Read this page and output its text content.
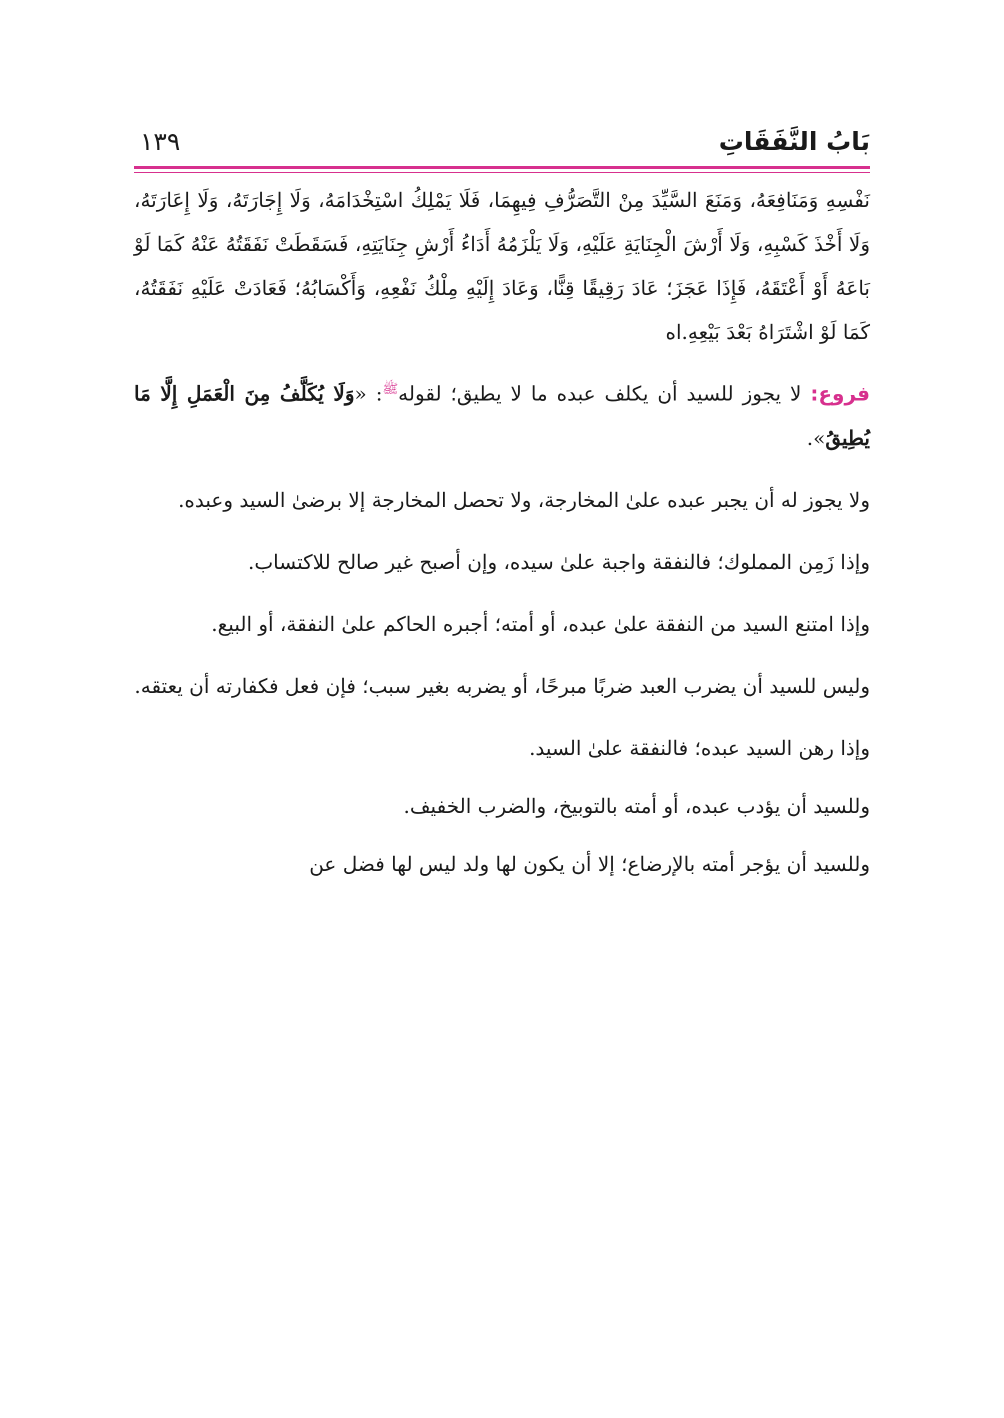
بَابُ النَّفَقَاتِ
١٣٩

نَفْسِهِ وَمَنَافِعَهُ، وَمَنَعَ السَّيِّدَ مِنْ التَّصَرُّفِ فِيهِمَا، فَلَا يَمْلِكُ اسْتِخْدَامَهُ، وَلَا إِجَارَتَهُ، وَلَا إِعَارَتَهُ، وَلَا أَخْذَ كَسْبِهِ، وَلَا أَرْشَ الْجِنَايَةِ عَلَيْهِ، وَلَا يَلْزَمُهُ أَدَاءُ أَرْشِ جِنَايَتِهِ، فَسَقَطَتْ نَفَقَتُهُ عَنْهُ كَمَا لَوْ بَاعَهُ أَوْ أَعْتَقَهُ، فَإِذَا عَجَزَ؛ عَادَ رَقِيقًا قِنًّا، وَعَادَ إِلَيْهِ مِلْكُ نَفْعِهِ، وَأَكْسَابُهُ؛ فَعَادَتْ عَلَيْهِ نَفَقَتُهُ، كَمَا لَوْ اشْتَرَاهُ بَعْدَ بَيْعِهِ.اه

فروع: لا يجوز للسيد أن يكلف عبده ما لا يطيق؛ لقوله$^ﷺ$: «وَلَا يُكَلَّفُ مِنَ الْعَمَلِ إِلَّا مَا يُطِيقُ».

ولا يجوز له أن يجبر عبده علىٰ المخارجة، ولا تحصل المخارجة إلا برضىٰ السيد وعبده.

وإذا زَمِن المملوك؛ فالنفقة واجبة علىٰ سيده، وإن أصبح غير صالح للاكتساب.

وإذا امتنع السيد من النفقة علىٰ عبده، أو أمته؛ أجبره الحاكم علىٰ النفقة، أو البيع.

وليس للسيد أن يضرب العبد ضربًا مبرحًا، أو يضربه بغير سبب؛ فإن فعل فكفارته أن يعتقه.

وإذا رهن السيد عبده؛ فالنفقة علىٰ السيد.

وللسيد أن يؤدب عبده، أو أمته بالتوبيخ، والضرب الخفيف.

وللسيد أن يؤجر أمته بالإرضاع؛ إلا أن يكون لها ولد ليس لها فضل عن
